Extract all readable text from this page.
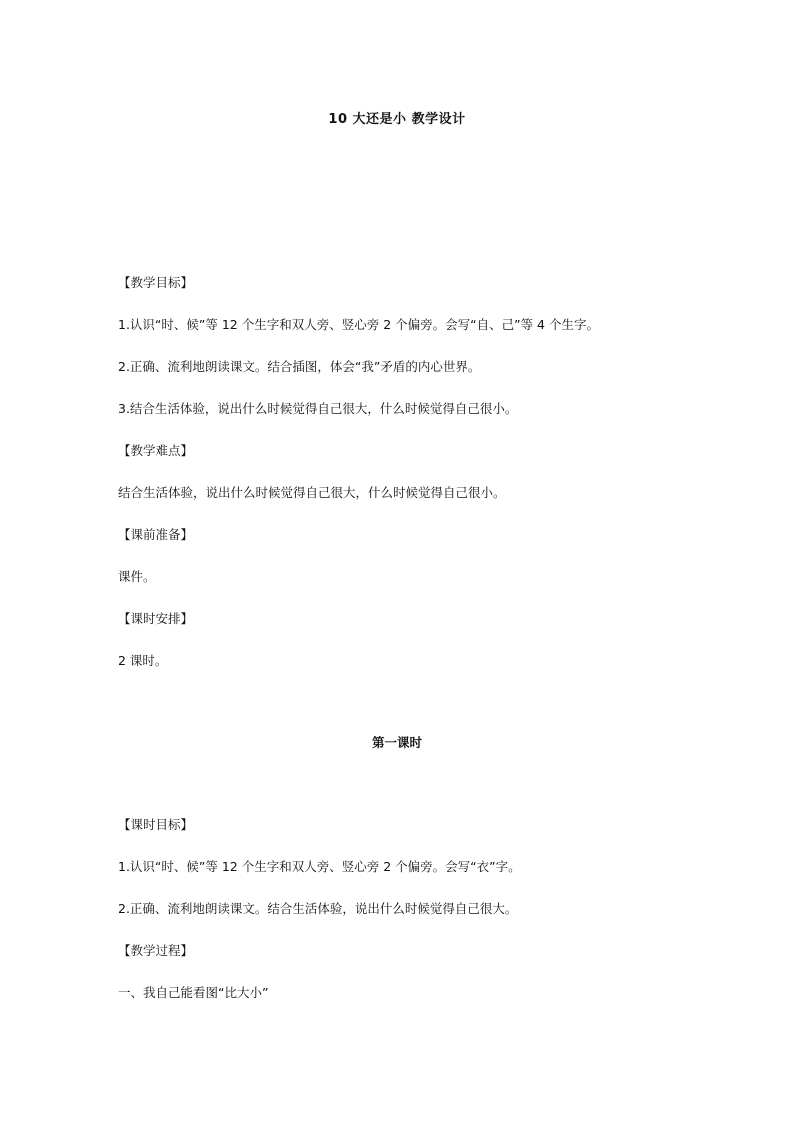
10 大还是小 教学设计
【教学目标】
1.认识“时、候”等 12 个生字和双人旁、竖心旁 2 个偏旁。会写“自、己”等 4 个生字。
2.正确、流利地朗读课文。结合插图，体会“我”矛盾的内心世界。
3.结合生活体验，说出什么时候觉得自己很大，什么时候觉得自己很小。
【教学难点】
结合生活体验，说出什么时候觉得自己很大，什么时候觉得自己很小。
【课前准备】
课件。
【课时安排】
2 课时。
第一课时
【课时目标】
1.认识“时、候”等 12 个生字和双人旁、竖心旁 2 个偏旁。会写“衣”字。
2.正确、流利地朗读课文。结合生活体验，说出什么时候觉得自己很大。
【教学过程】
一、我自己能看图“比大小”
